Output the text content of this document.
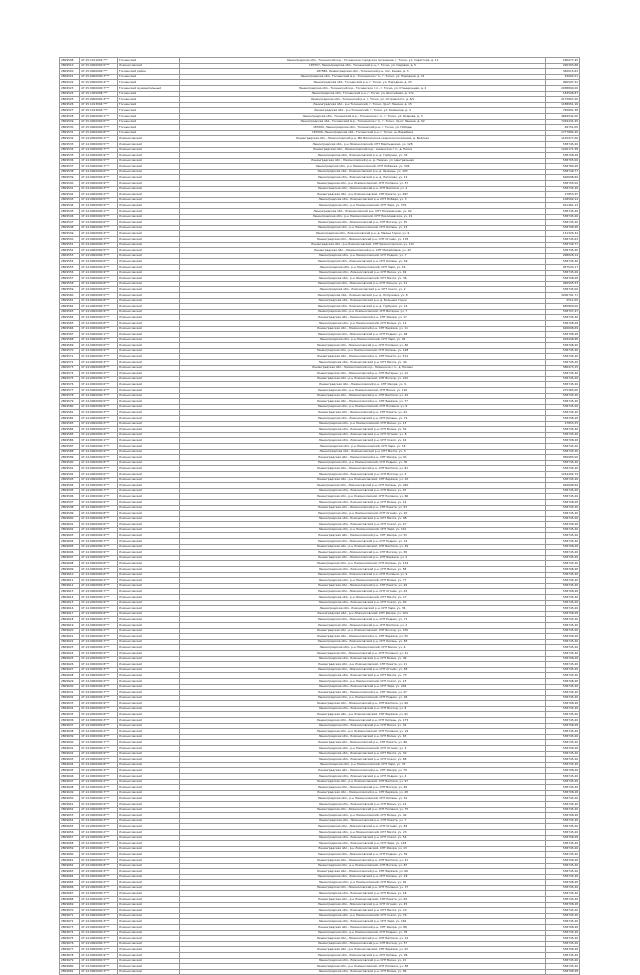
2809508	47:15:1101002:***	Тосненский	Ленинградская обл., Тосненский м.р., Тосненское городское поселение, г. Тосно, ул. Советская, д. 11	180077,45
2809510	47:15:0000000:5***	Ломоносовский	187557, Ленинградская обл., Тосненский р-н, г. Тосно, ул. Садовая, д. 5	290303,68
2809520	47:15:0000000:***	Тосненский район	187580, Ленинградская обл., Тосненский р-н, пос. Ушаки, д. 3	340015,63
2809521	47:15:0000000:7***	Тосненский	Ленинградская обл., Тосненский м.р., Тосненское г.п., г. Тосно, ул. Народная, д. 21	93604,51
2809522	47:15:0000000:4***	Тосненский	Ленинградская обл., Тосненский р-н, г. Тосно, ул. Народная, д. 23	990597,52
2809523	47:15:0000000:7***	Тосненский муниципальный	Ленинградская обл., Тосненский м.р., Тосненское г.п., г. Тосно, ул. Станционная, д. 2	2938890,00
2809524	47:15:1005008:***	Тосненский	Ленинградская обл., Тосненский р-н, г. Тосно, ул. Шоссейная, д. 17а	183596,87
2809525	47:15:0000000:3***	Тосненский	Ленинградская обл., Тосненский р-н, г. Тосно, ул. Островского, д. 6/1	2175897,00
2809526	47:15:1013004:***	Тосненский	Ленинградская обл., р-н Тосненский, г. Тосно, пр-кт Ленина, д. 15	1188061,16
2809527	47:15:1013004:***	Тосненский	Ленинградская обл., р-н Тосненский, г. Тосно, ул. Калинина, д. 4	765801,38
2809528	47:15:0000000:1***	Тосненский	Ленинградская обл., Тосненский м.р., Тосненское г.п., г. Тосно, ул. Боярова, д. 3	4894542,00
2809529	47:15:0000000:6***	Тосненский	Ленинградская обл., Тосненский м.р., Тосненское г.п., г. Тосно, пр-кт Ленина, д. 62	7429434,45
2809530	47:15:0000000:7***	Тосненский	187000, Ленинградская обл., Тосненский р-н, г. Тосно, ул. Победы	46751,00
2809531	47:15:0000000:8***	Тосненский	187000, Ленинградская обл., Тосненский р-н, г. Тосно, ш. Барыбина	1777882,40
2809532	47:14:0000000:1***	Ломоносовский	Ленинградская обл., Ломоносовский р-н, МО Виллозское сельское поселение, д. Виллози	1145977,00
2809533	47:14:0000000:5***	Ломоносовский	Ленинградская обл., р-н Ломоносовский, СНТ Мартышкино, уч. 128	538745,26
2809534	47:14:0000000:7***	Ломоносовский	Ленинградская обл., Ломоносовский м.р., Аннинское г.п., д. Пески	1226171,58
2809535	47:14:0000000:9***	Ломоносовский	Ленинградская обл., Ломоносовский р-н, д. Горбунки, уч. 33	538708,28
2809536	47:14:0000000:5***	Ломоносовский	Ленинградская обл., Ломоносовский р-н, д. Низино, ул. Центральная	538705,00
2809537	47:14:0000000:7***	Ломоносовский	Ленинградская обл., р-н Ломоносовский, СНТ Лебяжье, уч. 346	538780,28
2809538	47:14:0000000:6***	Ломоносовский	Ленинградская обл., Ломоносовский р-н, д. Оржицы, уч. 103	538749,77
2809539	47:14:0000000:4***	Ломоносовский	Ленинградская обл., Ломоносовский р-н, д. Лаголово, уч. 12	626698,69
2809540	47:14:0000000:9***	Ломоносовский	Ленинградская обл., р-н Ломоносовский, СНТ Полянка, уч. 57	538705,00
2809541	47:14:0000000:3***	Ломоносовский	Ленинградская обл., Ломоносовский р-н, СНТ Балтика, уч. 4	538745,26
2809542	47:14:0000000:2***	Ломоносовский	Ленинградская обл., р-н Ломоносовский, СНТ Ракета, уч. 287	27853,35
2809543	47:14:0000000:5***	Ломоносовский	Ленинградская обл., Ломоносовский р-н, СНТ Победа, уч. 3	108569,14
2809544	47:14:0000000:9***	Ломоносовский	Ленинградская обл., р-н Ломоносовский, СНТ Заря, уч. 576	621461,13
2809545	47:14:0000000:1***	Ломоносовский	Ленинградская обл., Ломоносовский р-н, СНТ Пограничник, уч. 62	538745,26
2809546	47:14:0000000:5***	Ломоносовский	Ленинградская обл., р-н Ломоносовский, СНТ Николаевское, уч. 21	538745,26
2809547	47:14:0000000:6***	Ломоносовский	Ленинградская обл., Ломоносовский р-н, СНТ Восход, уч. 35	538745,26
2809548	47:14:0000000:7***	Ломоносовский	Ленинградская обл., р-н Ломоносовский, СНТ Кипень, уч. 15	538708,28
2809549	47:14:0000000:4***	Ломоносовский	Ленинградская обл., Ломоносовский р-н, д. Малые Горки, уч. 9	131326,34
2809550	47:14:0000000:7***	Ломоносовский	Ленинградская обл., Ломоносовский р-н, СНТ Огонёк, уч. 178	538745,63
2809551	47:14:0000000:3***	Ломоносовский	Ленинградская обл., р-н Ломоносовский, СНТ Красногорское, уч. 115	538749,77
2809552	47:14:0000000:5***	Ломоносовский	Ленинградская обл., Ломоносовский р-н, СНТ Михайловка, уч. 42	538745,26
2809553	47:14:0000000:7***	Ломоносовский	Ленинградская обл., р-н Ломоносовский, СНТ Родник, уч. 7	298028,14
2809554	47:14:0000000:6***	Ломоносовский	Ленинградская обл., Ломоносовский р-н, СНТ Кипень, уч. 49	538745,26
2809555	47:14:0000000:4***	Ломоносовский	Ленинградская обл., р-н Ломоносовский, СНТ Заря, уч. 16	957543,17
2809556	47:14:0000000:9***	Ломоносовский	Ленинградская обл., Ломоносовский р-н, СНТ Весна, уч. 49	538745,26
2809557	47:14:0000000:2***	Ломоносовский	Ленинградская обл., р-н Ломоносовский, СНТ Мечта, уч. 36	538708,28
2809558	47:14:0000000:8***	Ломоносовский	Ленинградская обл., Ломоносовский р-н, СНТ Лесное, уч. 31	996505,53
2809559	47:14:0000000:6***	Ломоносовский	Ленинградская обл., Ломоносовский р-н, СНТ Сокол, уч. 2	538745,00
2809560	47:14:0000000:5***	Ломоносовский	Ленинградская обл., Ломоносовский р-н, д. Лопухинка, уч. 8	3206791,71
2809561	47:14:0000000:8***	Ломоносовский	Ленинградская обл., Ломоносовский р-н, д. Большие Горки	2511,00
2809562	47:14:0000000:7***	Ломоносовский	Ленинградская обл., Ломоносовский р-н, д. Горбунки, уч. 14	685800,00
2809563	47:14:0000000:9***	Ломоносовский	Ленинградская обл., р-н Ломоносовский, СНТ Ветеран, уч. 7	538707,47
2809564	47:14:0000000:5***	Ломоносовский	Ленинградская обл., Ломоносовский р-н, СНТ Ижора, уч. 17	538745,26
2809565	47:14:0000000:8***	Ломоносовский	Ленинградская обл., р-н Ломоносовский, СНТ Волна, уч. 12	538708,28
2809566	47:14:0000000:6***	Ломоносовский	Ленинградская обл., Ломоносовский р-н, СНТ Берёзка, уч. 11	626698,69
2809567	47:14:0000000:1***	Ломоносовский	Ленинградская обл., Ломоносовский р-н, СНТ Родник, уч. 48	538708,28
2809568	47:14:0000000:4***	Ломоносовский	Ленинградская обл., р-н Ломоносовский, СНТ Заря, уч. 94	618448,98
2809569	47:14:0000000:6***	Ломоносовский	Ленинградская обл., Ломоносовский р-н, СНТ Полянка, уч. 60	538708,26
2809570	47:14:0000000:9***	Ломоносовский	Ленинградская обл., р-н Ломоносовский, СНТ Кипень, уч. 198	538745,26
2809571	47:14:0000000:7***	Ломоносовский	Ленинградская обл., Ломоносовский р-н, СНТ Ракета, уч. 314	538745,26
2809572	47:14:0000000:3***	Ломоносовский	Ленинградская обл., Ломоносовский р-н, СНТ Мечта, уч. 40	538745,26
2809573	47:14:0000000:8***	Ломоносовский	Ленинградская обл., Ломоносовский м.р., Низинское с.п., д. Низино	586473,15
2809574	47:14:0000000:2***	Ломоносовский	Ленинградская обл., Ломоносовский р-н, СНТ Ветеран, уч. 12	538745,26
2809575	47:14:0000000:1***	Ломоносовский	Ленинградская обл., р-н Ломоносовский, СНТ Восход, уч. 210	538745,26
2809576	47:14:0000000:6***	Ломоносовский	Ленинградская обл., Ломоносовский р-н, СНТ Ижора, уч. 9	538745,26
2809577	47:14:0000000:4***	Ломоносовский	Ленинградская обл., р-н Ломоносовский, СНТ Весна, уч. 110	275385,00
2809578	47:14:0000000:7***	Ломоносовский	Ленинградская обл., Ломоносовский р-н, СНТ Балтика, уч. 24	538745,26
2809579	47:14:0000000:5***	Ломоносовский	Ленинградская обл., Ломоносовский р-н, СНТ Берёзка, уч. 77	538745,26
2809580	47:14:0000000:9***	Ломоносовский	Ленинградская обл., р-н Ломоносовский, СНТ Полянка, уч. 6	538745,26
2809581	47:14:0000000:3***	Ломоносовский	Ленинградская обл., Ломоносовский р-н, СНТ Ракета, уч. 22	538745,26
2809582	47:14:0000000:8***	Ломоносовский	Ленинградская обл., Ломоносовский р-н, СНТ Кипень, уч. 71	538708,28
2809583	47:14:0000000:2***	Ломоносовский	Ленинградская обл., р-н Ломоносовский, СНТ Весна, уч. 13	27853,35
2809584	47:14:0000000:6***	Ломоносовский	Ленинградская обл., Ломоносовский р-н, СНТ Волна, уч. 52	538745,26
2809585	47:14:0000000:4***	Ломоносовский	Ленинградская обл., Ломоносовский р-н, СНТ Огонёк, уч. 8	538745,26
2809586	47:14:0000000:1***	Ломоносовский	Ленинградская обл., Ломоносовский р-н, СНТ Сокол, уч. 44	538708,28
2809587	47:14:0000000:7***	Ломоносовский	Ленинградская обл., р-н Ломоносовский, СНТ Заря, уч. 18	538745,26
2809588	47:14:0000000:9***	Ломоносовский	Ленинградская обл., Ломоносовский р-н, СНТ Мечта, уч. 5	538745,26
2809589	47:14:0000000:5***	Ломоносовский	Ленинградская обл., Ломоносовский р-н, СНТ Ижора, уч. 61	956083,00
2809590	47:14:0000000:8***	Ломоносовский	Ленинградская обл., р-н Ломоносовский, СНТ Родник, уч. 30	538745,26
2809591	47:14:0000000:3***	Ломоносовский	Ленинградская обл., Ломоносовский р-н, СНТ Балтика, уч. 81	538745,26
2809592	47:14:0000000:6***	Ломоносовский	Ленинградская обл., Ломоносовский р-н, СНТ Восход, уч. 3	1254402,79
2809593	47:14:0000000:2***	Ломоносовский	Ленинградская обл., р-н Ломоносовский, СНТ Берёзка, уч. 19	538745,26
2809594	47:14:0000000:4***	Ломоносовский	Ленинградская обл., Ломоносовский р-н, СНТ Кипень, уч. 240	626698,69
2809595	47:14:0000000:7***	Ломоносовский	Ленинградская обл., Ломоносовский р-н, СНТ Весна, уч. 97	538745,26
2809596	47:14:0000000:1***	Ломоносовский	Ленинградская обл., р-н Ломоносовский, СНТ Полянка, уч. 66	538745,26
2809597	47:14:0000000:9***	Ломоносовский	Ленинградская обл., Ломоносовский р-н, СНТ Волна, уч. 14	538708,28
2809598	47:14:0000000:5***	Ломоносовский	Ленинградская обл., Ломоносовский р-н, СНТ Ракета, уч. 53	538745,26
2809599	47:14:0000000:8***	Ломоносовский	Ленинградская обл., р-н Ломоносовский, СНТ Огонёк, уч. 20	538745,26
2809600	47:14:0000000:3***	Ломоносовский	Ленинградская обл., Ломоносовский р-н, СНТ Мечта, уч. 88	538745,26
2809601	47:14:0000000:6***	Ломоносовский	Ленинградская обл., Ломоносовский р-н, СНТ Сокол, уч. 27	538708,28
2809602	47:14:0000000:2***	Ломоносовский	Ленинградская обл., р-н Ломоносовский, СНТ Заря, уч. 141	538745,26
2809603	47:14:0000000:4***	Ломоносовский	Ленинградская обл., Ломоносовский р-н, СНТ Ижора, уч. 33	538745,26
2809604	47:14:0000000:7***	Ломоносовский	Ленинградская обл., Ломоносовский р-н, СНТ Родник, уч. 12	538745,26
2809605	47:14:0000000:1***	Ломоносовский	Ленинградская обл., р-н Ломоносовский, СНТ Балтика, уч. 39	538708,28
2809606	47:14:0000000:9***	Ломоносовский	Ленинградская обл., Ломоносовский р-н, СНТ Восход, уч. 65	538745,26
2809607	47:14:0000000:5***	Ломоносовский	Ленинградская обл., Ломоносовский р-н, СНТ Берёзка, уч. 4	538745,26
2809608	47:14:0000000:8***	Ломоносовский	Ленинградская обл., р-н Ломоносовский, СНТ Кипень, уч. 132	538745,26
2809609	47:14:0000000:3***	Ломоносовский	Ленинградская обл., Ломоносовский р-н, СНТ Весна, уч. 58	538708,28
2809610	47:14:0000000:6***	Ломоносовский	Ленинградская обл., Ломоносовский р-н, СНТ Полянка, уч. 9	538745,26
2809611	47:14:0000000:2***	Ломоносовский	Ленинградская обл., р-н Ломоносовский, СНТ Волна, уч. 77	538745,26
2809612	47:14:0000000:4***	Ломоносовский	Ленинградская обл., Ломоносовский р-н, СНТ Ракета, уч. 29	538745,26
2809613	47:14:0000000:7***	Ломоносовский	Ленинградская обл., Ломоносовский р-н, СНТ Огонёк, уч. 63	538708,28
2809614	47:14:0000000:1***	Ломоносовский	Ленинградская обл., р-н Ломоносовский, СНТ Мечта, уч. 17	538745,26
2809615	47:14:0000000:9***	Ломоносовский	Ленинградская обл., Ломоносовский р-н, СНТ Сокол, уч. 90	538745,26
2809616	47:14:0000000:5***	Ломоносовский	Ленинградская обл., Ломоносовский р-н, СНТ Заря, уч. 36	538745,26
2809617	47:14:0000000:8***	Ломоносовский	Ленинградская обл., р-н Ломоносовский, СНТ Ижора, уч. 104	538708,28
2809618	47:14:0000000:3***	Ломоносовский	Ленинградская обл., Ломоносовский р-н, СНТ Родник, уч. 71	538745,26
2809619	47:14:0000000:6***	Ломоносовский	Ленинградская обл., Ломоносовский р-н, СНТ Балтика, уч. 2	538745,26
2809620	47:14:0000000:2***	Ломоносовский	Ленинградская обл., р-н Ломоносовский, СНТ Восход, уч. 150	538745,26
2809621	47:14:0000000:4***	Ломоносовский	Ленинградская обл., Ломоносовский р-н, СНТ Берёзка, уч. 55	538708,28
2809622	47:14:0000000:7***	Ломоносовский	Ленинградская обл., Ломоносовский р-н, СНТ Кипень, уч. 83	538745,26
2809623	47:14:0000000:1***	Ломоносовский	Ленинградская обл., р-н Ломоносовский, СНТ Весна, уч. 6	538745,26
2809624	47:14:0000000:9***	Ломоносовский	Ленинградская обл., Ломоносовский р-н, СНТ Полянка, уч. 41	538745,26
2809625	47:14:0000000:5***	Ломоносовский	Ленинградская обл., Ломоносовский р-н, СНТ Волна, уч. 99	538708,28
2809626	47:14:0000000:8***	Ломоносовский	Ленинградская обл., р-н Ломоносовский, СНТ Ракета, уч. 11	538745,26
2809627	47:14:0000000:3***	Ломоносовский	Ленинградская обл., Ломоносовский р-н, СНТ Огонёк, уч. 38	538745,26
2809628	47:14:0000000:6***	Ломоносовский	Ленинградская обл., Ломоносовский р-н, СНТ Мечта, уч. 73	538745,26
2809629	47:14:0000000:2***	Ломоносовский	Ленинградская обл., р-н Ломоносовский, СНТ Сокол, уч. 15	538708,28
2809630	47:14:0000000:4***	Ломоносовский	Ленинградская обл., Ломоносовский р-н, СНТ Заря, уч. 204	538745,26
2809631	47:14:0000000:7***	Ломоносовский	Ленинградская обл., Ломоносовский р-н, СНТ Ижора, уч. 47	538745,26
2809632	47:14:0000000:1***	Ломоносовский	Ленинградская обл., р-н Ломоносовский, СНТ Родник, уч. 26	538745,26
2809633	47:14:0000000:9***	Ломоносовский	Ленинградская обл., Ломоносовский р-н, СНТ Балтика, уч. 60	538708,28
2809634	47:14:0000000:5***	Ломоносовский	Ленинградская обл., Ломоносовский р-н, СНТ Восход, уч. 8	538745,26
2809635	47:14:0000000:8***	Ломоносовский	Ленинградская обл., р-н Ломоносовский, СНТ Берёзка, уч. 91	538745,26
2809636	47:14:0000000:3***	Ломоносовский	Ленинградская обл., Ломоносовский р-н, СНТ Кипень, уч. 175	538745,26
2809637	47:14:0000000:6***	Ломоносовский	Ленинградская обл., Ломоносовский р-н, СНТ Весна, уч. 34	538708,28
2809638	47:14:0000000:2***	Ломоносовский	Ленинградская обл., р-н Ломоносовский, СНТ Полянка, уч. 19	538745,26
2809639	47:14:0000000:4***	Ломоносовский	Ленинградская обл., Ломоносовский р-н, СНТ Волна, уч. 63	538745,26
2809640	47:14:0000000:7***	Ломоносовский	Ленинградская обл., Ломоносовский р-н, СНТ Ракета, уч. 86	538745,26
2809641	47:14:0000000:1***	Ломоносовский	Ленинградская обл., р-н Ломоносовский, СНТ Огонёк, уч. 5	538708,28
2809642	47:14:0000000:9***	Ломоносовский	Ленинградская обл., Ломоносовский р-н, СНТ Мечта, уч. 52	538745,26
2809643	47:14:0000000:5***	Ломоносовский	Ленинградская обл., Ломоносовский р-н, СНТ Сокол, уч. 68	538745,26
2809644	47:14:0000000:8***	Ломоносовский	Ленинградская обл., р-н Ломоносовский, СНТ Заря, уч. 33	538745,26
2809645	47:14:0000000:3***	Ломоносовский	Ленинградская обл., Ломоносовский р-н, СНТ Ижора, уч. 79	538708,28
2809646	47:14:0000000:6***	Ломоносовский	Ленинградская обл., Ломоносовский р-н, СНТ Родник, уч. 4	538745,26
2809647	47:14:0000000:2***	Ломоносовский	Ленинградская обл., р-н Ломоносовский, СНТ Балтика, уч. 97	538745,26
2809648	47:14:0000000:4***	Ломоносовский	Ленинградская обл., Ломоносовский р-н, СНТ Восход, уч. 46	538745,26
2809649	47:14:0000000:7***	Ломоносовский	Ленинградская обл., Ломоносовский р-н, СНТ Берёзка, уч. 28	538708,28
2809650	47:14:0000000:1***	Ломоносовский	Ленинградская обл., р-н Ломоносовский, СНТ Кипень, уч. 61	538745,26
2809651	47:14:0000000:9***	Ломоносовский	Ленинградская обл., Ломоносовский р-н, СНТ Весна, уч. 12	538745,26
2809652	47:14:0000000:5***	Ломоносовский	Ленинградская обл., Ломоносовский р-н, СНТ Полянка, уч. 75	538745,26
2809653	47:14:0000000:8***	Ломоносовский	Ленинградская обл., р-н Ломоносовский, СНТ Волна, уч. 40	538708,28
2809654	47:14:0000000:3***	Ломоносовский	Ленинградская обл., Ломоносовский р-н, СНТ Ракета, уч. 7	538745,26
2809655	47:14:0000000:6***	Ломоносовский	Ленинградская обл., Ломоносовский р-н, СНТ Огонёк, уч. 82	538745,26
2809656	47:14:0000000:2***	Ломоносовский	Ленинградская обл., р-н Ломоносовский, СНТ Мечта, уч. 23	538745,26
2809657	47:14:0000000:4***	Ломоносовский	Ленинградская обл., Ломоносовский р-н, СНТ Сокол, уч. 54	538708,28
2809658	47:14:0000000:7***	Ломоносовский	Ленинградская обл., Ломоносовский р-н, СНТ Заря, уч. 118	538745,26
2809659	47:14:0000000:1***	Ломоносовский	Ленинградская обл., р-н Ломоносовский, СНТ Ижора, уч. 13	538745,26
2809660	47:14:0000000:9***	Ломоносовский	Ленинградская обл., Ломоносовский р-н, СНТ Родник, уч. 59	538745,26
2809661	47:14:0000000:5***	Ломоносовский	Ленинградская обл., Ломоносовский р-н, СНТ Балтика, уч. 31	538708,28
2809662	47:14:0000000:8***	Ломоносовский	Ленинградская обл., р-н Ломоносовский, СНТ Восход, уч. 87	538745,26
2809663	47:14:0000000:3***	Ломоносовский	Ленинградская обл., Ломоносовский р-н, СНТ Берёзка, уч. 66	538745,26
2809664	47:14:0000000:6***	Ломоносовский	Ленинградская обл., Ломоносовский р-н, СНТ Кипень, уч. 29	538745,26
2809665	47:14:0000000:2***	Ломоносовский	Ленинградская обл., р-н Ломоносовский, СНТ Весна, уч. 92	538708,28
2809666	47:14:0000000:4***	Ломоносовский	Ленинградская обл., Ломоносовский р-н, СНТ Полянка, уч. 37	538745,26
2809667	47:14:0000000:7***	Ломоносовский	Ленинградская обл., Ломоносовский р-н, СНТ Волна, уч. 18	538745,26
2809668	47:14:0000000:1***	Ломоносовский	Ленинградская обл., р-н Ломоносовский, СНТ Ракета, уч. 64	538745,26
2809669	47:14:0000000:9***	Ломоносовский	Ленинградская обл., Ломоносовский р-н, СНТ Огонёк, уч. 45	538708,28
2809670	47:14:0000000:5***	Ломоносовский	Ленинградская обл., Ломоносовский р-н, СНТ Мечта, уч. 10	538745,26
2809671	47:14:0000000:8***	Ломоносовский	Ленинградская обл., р-н Ломоносовский, СНТ Сокол, уч. 76	538745,26
2809672	47:14:0000000:3***	Ломоносовский	Ленинградская обл., Ломоносовский р-н, СНТ Заря, уч. 162	538745,26
2809673	47:14:0000000:6***	Ломоносовский	Ленинградская обл., Ломоносовский р-н, СНТ Ижора, уч. 88	538708,28
2809674	47:14:0000000:2***	Ломоносовский	Ленинградская обл., р-н Ломоносовский, СНТ Родник, уч. 35	538745,26
2809675	47:14:0000000:4***	Ломоносовский	Ленинградская обл., Ломоносовский р-н, СНТ Балтика, уч. 14	538745,26
2809676	47:14:0000000:7***	Ломоносовский	Ленинградская обл., Ломоносовский р-н, СНТ Восход, уч. 57	538745,26
2809677	47:14:0000000:1***	Ломоносовский	Ленинградская обл., р-н Ломоносовский, СНТ Берёзка, уч. 43	538708,28
2809678	47:14:0000000:9***	Ломоносовский	Ленинградская обл., Ломоносовский р-н, СНТ Кипень, уч. 96	538745,26
2809679	47:14:0000000:5***	Ломоносовский	Ленинградская обл., Ломоносовский р-н, СНТ Весна, уч. 21	538745,26
2809680	47:14:0000000:8***	Ломоносовский	Ленинградская обл., р-н Ломоносовский, СНТ Полянка, уч. 58	538745,26
2809681	47:14:0000000:3***	Ломоносовский	Ленинградская обл., Ломоносовский р-н, СНТ Волна, уч. 84	538708,28
